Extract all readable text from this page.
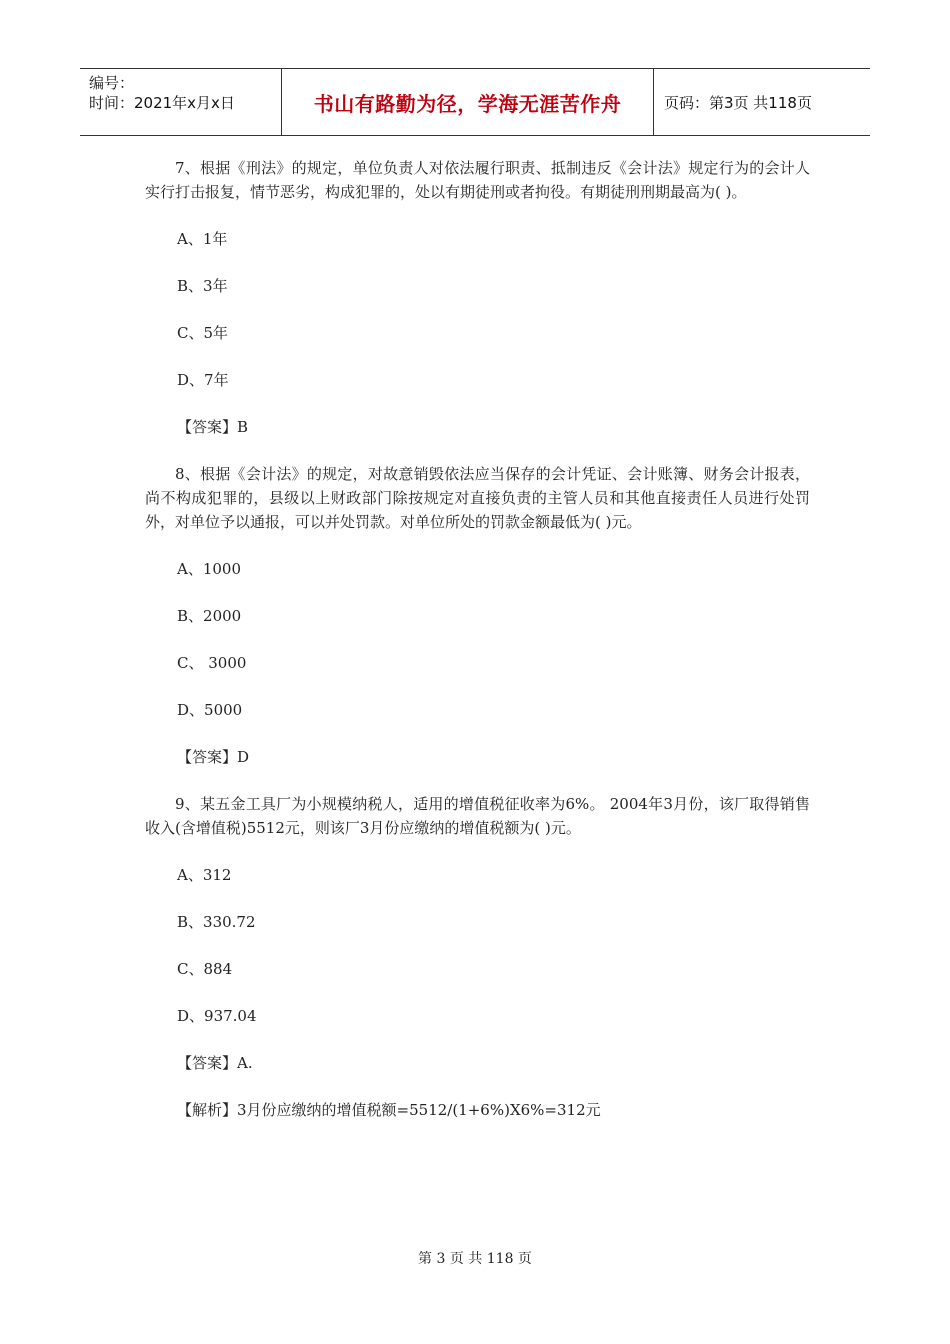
编号：
时间：2021年x月x日	书山有路勤为径，学海无涯苦作舟	页码：第3页 共118页

7、根据《刑法》的规定，单位负责人对依法履行职责、抵制违反《会计法》规定行为的会计人实行打击报复，情节恶劣，构成犯罪的，处以有期徒刑或者拘役。有期徒刑刑期最高为( )。

A、1年

B、3年

C、5年

D、7年

【答案】B

8、根据《会计法》的规定，对故意销毁依法应当保存的会计凭证、会计账簿、财务会计报表，尚不构成犯罪的，县级以上财政部门除按规定对直接负责的主管人员和其他直接责任人员进行处罚外，对单位予以通报，可以并处罚款。对单位所处的罚款金额最低为( )元。

A、1000

B、2000

C、 3000

D、5000

【答案】D

9、某五金工具厂为小规模纳税人，适用的增值税征收率为6%。 2004年3月份，该厂取得销售收入(含增值税)5512元，则该厂3月份应缴纳的增值税额为( )元。

A、312

B、330.72

C、884

D、937.04

【答案】A.

【解析】3月份应缴纳的增值税额=5512/(1+6%)X6%=312元

第 3 页 共 118 页
